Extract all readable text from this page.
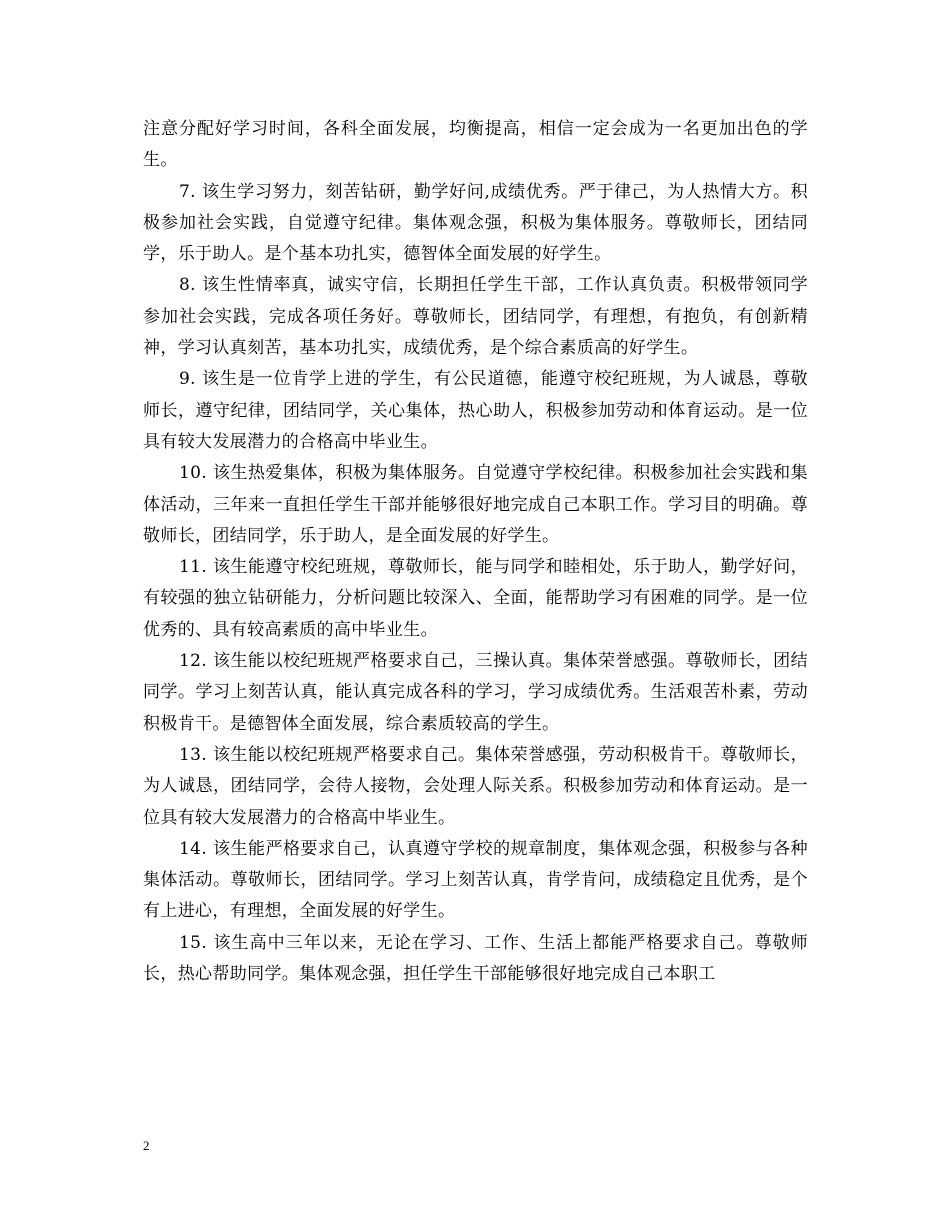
注意分配好学习时间，各科全面发展，均衡提高，相信一定会成为一名更加出色的学生。

7. 该生学习努力，刻苦钻研，勤学好问,成绩优秀。严于律己，为人热情大方。积极参加社会实践，自觉遵守纪律。集体观念强，积极为集体服务。尊敬师长，团结同学，乐于助人。是个基本功扎实，德智体全面发展的好学生。

8. 该生性情率真，诚实守信，长期担任学生干部，工作认真负责。积极带领同学参加社会实践，完成各项任务好。尊敬师长，团结同学，有理想，有抱负，有创新精神，学习认真刻苦，基本功扎实，成绩优秀，是个综合素质高的好学生。

9. 该生是一位肯学上进的学生，有公民道德，能遵守校纪班规，为人诚恳，尊敬师长，遵守纪律，团结同学，关心集体，热心助人，积极参加劳动和体育运动。是一位具有较大发展潜力的合格高中毕业生。

10. 该生热爱集体，积极为集体服务。自觉遵守学校纪律。积极参加社会实践和集体活动，三年来一直担任学生干部并能够很好地完成自己本职工作。学习目的明确。尊敬师长，团结同学，乐于助人，是全面发展的好学生。

11. 该生能遵守校纪班规，尊敬师长，能与同学和睦相处，乐于助人，勤学好问，有较强的独立钻研能力，分析问题比较深入、全面，能帮助学习有困难的同学。是一位优秀的、具有较高素质的高中毕业生。

12. 该生能以校纪班规严格要求自己，三操认真。集体荣誉感强。尊敬师长，团结同学。学习上刻苦认真，能认真完成各科的学习，学习成绩优秀。生活艰苦朴素，劳动积极肯干。是德智体全面发展，综合素质较高的学生。

13. 该生能以校纪班规严格要求自己。集体荣誉感强，劳动积极肯干。尊敬师长，为人诚恳，团结同学，会待人接物，会处理人际关系。积极参加劳动和体育运动。是一位具有较大发展潜力的合格高中毕业生。

14. 该生能严格要求自己，认真遵守学校的规章制度，集体观念强，积极参与各种集体活动。尊敬师长，团结同学。学习上刻苦认真，肯学肯问，成绩稳定且优秀，是个有上进心，有理想，全面发展的好学生。

15. 该生高中三年以来，无论在学习、工作、生活上都能严格要求自己。尊敬师长，热心帮助同学。集体观念强，担任学生干部能够很好地完成自己本职工

2
